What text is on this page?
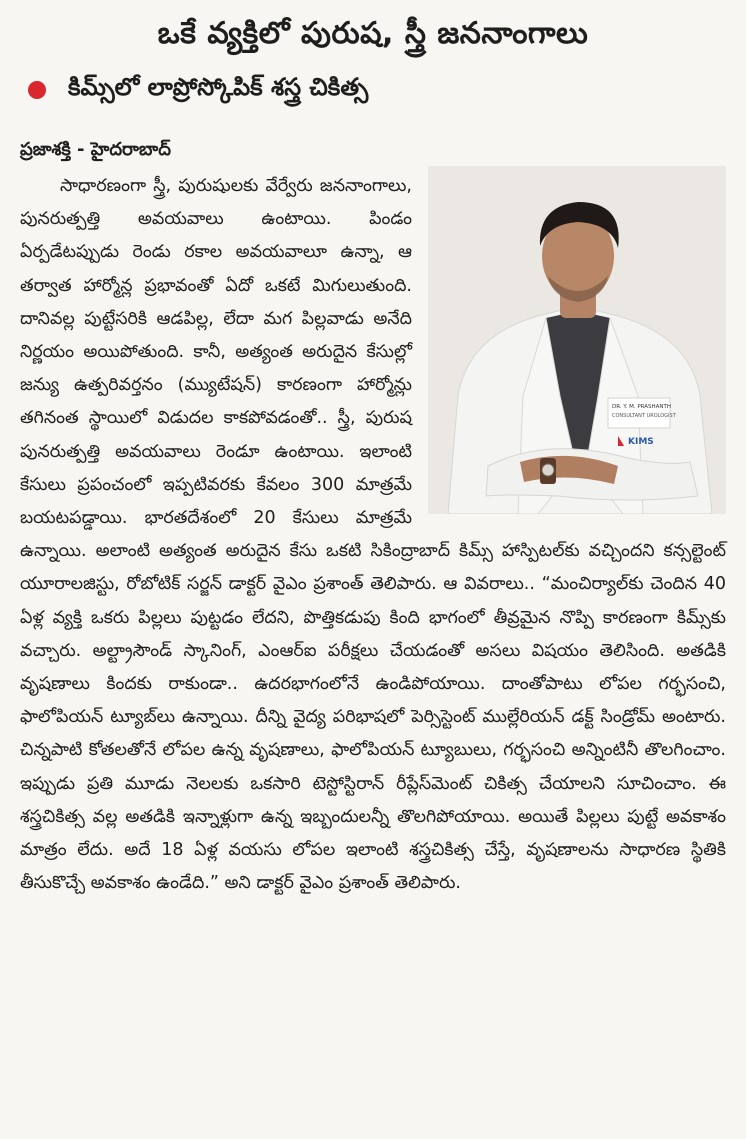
ఒకే వ్యక్తిలో పురుష, స్త్రీ జననాంగాలు
కిమ్స్‌లో లాప్రోస్కోపిక్ శస్త్ర చికిత్స
ప్రజాశక్తి - హైదరాబాద్
DR. Y. M. PRASHANTH
CONSULTANT UROLOGIST
KIMS

సాధారణంగా స్త్రీ, పురుషులకు వేర్వేరు జననాంగాలు, పునరుత్పత్తి అవయవాలు ఉంటాయి. పిండం ఏర్పడేటప్పుడు రెండు రకాల అవయవాలూ ఉన్నా, ఆ తర్వాత హార్మోన్ల ప్రభావంతో ఏదో ఒకటే మిగులుతుంది. దానివల్ల పుట్టేసరికి ఆడపిల్ల, లేదా మగ పిల్లవాడు అనేది నిర్ణయం అయిపోతుంది. కానీ, అత్యంత అరుదైన కేసుల్లో జన్యు ఉత్పరివర్తనం (మ్యుటేషన్) కారణంగా హార్మోన్లు తగినంత స్థాయిలో విడుదల కాకపోవడంతో.. స్త్రీ, పురుష పునరుత్పత్తి అవయవాలు రెండూ ఉంటాయి. ఇలాంటి కేసులు ప్రపంచంలో ఇప్పటివరకు కేవలం 300 మాత్రమే బయటపడ్డాయి. భారతదేశంలో 20 కేసులు మాత్రమే ఉన్నాయి. అలాంటి అత్యంత అరుదైన కేసు ఒకటి సికింద్రాబాద్ కిమ్స్ హాస్పిటల్‌కు వచ్చిందని కన్సల్టెంట్ యూరాలజిస్టు, రోబోటిక్ సర్జన్ డాక్టర్ వైఎం ప్రశాంత్ తెలిపారు. ఆ వివరాలు.. “మంచిర్యాల్‌కు చెందిన 40 ఏళ్ల వ్యక్తి ఒకరు పిల్లలు పుట్టడం లేదని, పొత్తికడుపు కింది భాగంలో తీవ్రమైన నొప్పి కారణంగా కిమ్స్‌కు వచ్చారు. అల్ట్రాసౌండ్ స్కానింగ్, ఎంఆర్ఐ పరీక్షలు చేయడంతో అసలు విషయం తెలిసింది. అతడికి వృషణాలు కిందకు రాకుండా.. ఉదరభాగంలోనే ఉండిపోయాయి. దాంతోపాటు లోపల గర్భసంచి, ఫాలోపియన్ ట్యూబ్‌లు ఉన్నాయి. దీన్ని వైద్య పరిభాషలో పెర్సిస్టెంట్ ముల్లేరియన్ డక్ట్ సిండ్రోమ్ అంటారు. చిన్నపాటి కోతలతోనే లోపల ఉన్న వృషణాలు, ఫాలోపియన్ ట్యూబులు, గర్భసంచి అన్నింటినీ తొలగించాం. ఇప్పుడు ప్రతి మూడు నెలలకు ఒకసారి టెస్టోస్టిరాన్ రీప్లేస్‌మెంట్ చికిత్స చేయాలని సూచించాం. ఈ శస్త్రచికిత్స వల్ల అతడికి ఇన్నాళ్లుగా ఉన్న ఇబ్బందులన్నీ తొలగిపోయాయి. అయితే పిల్లలు పుట్టే అవకాశం మాత్రం లేదు. అదే 18 ఏళ్ల వయసు లోపల ఇలాంటి శస్త్రచికిత్స చేస్తే, వృషణాలను సాధారణ స్థితికి తీసుకొచ్చే అవకాశం ఉండేది.” అని డాక్టర్ వైఎం ప్రశాంత్ తెలిపారు.
